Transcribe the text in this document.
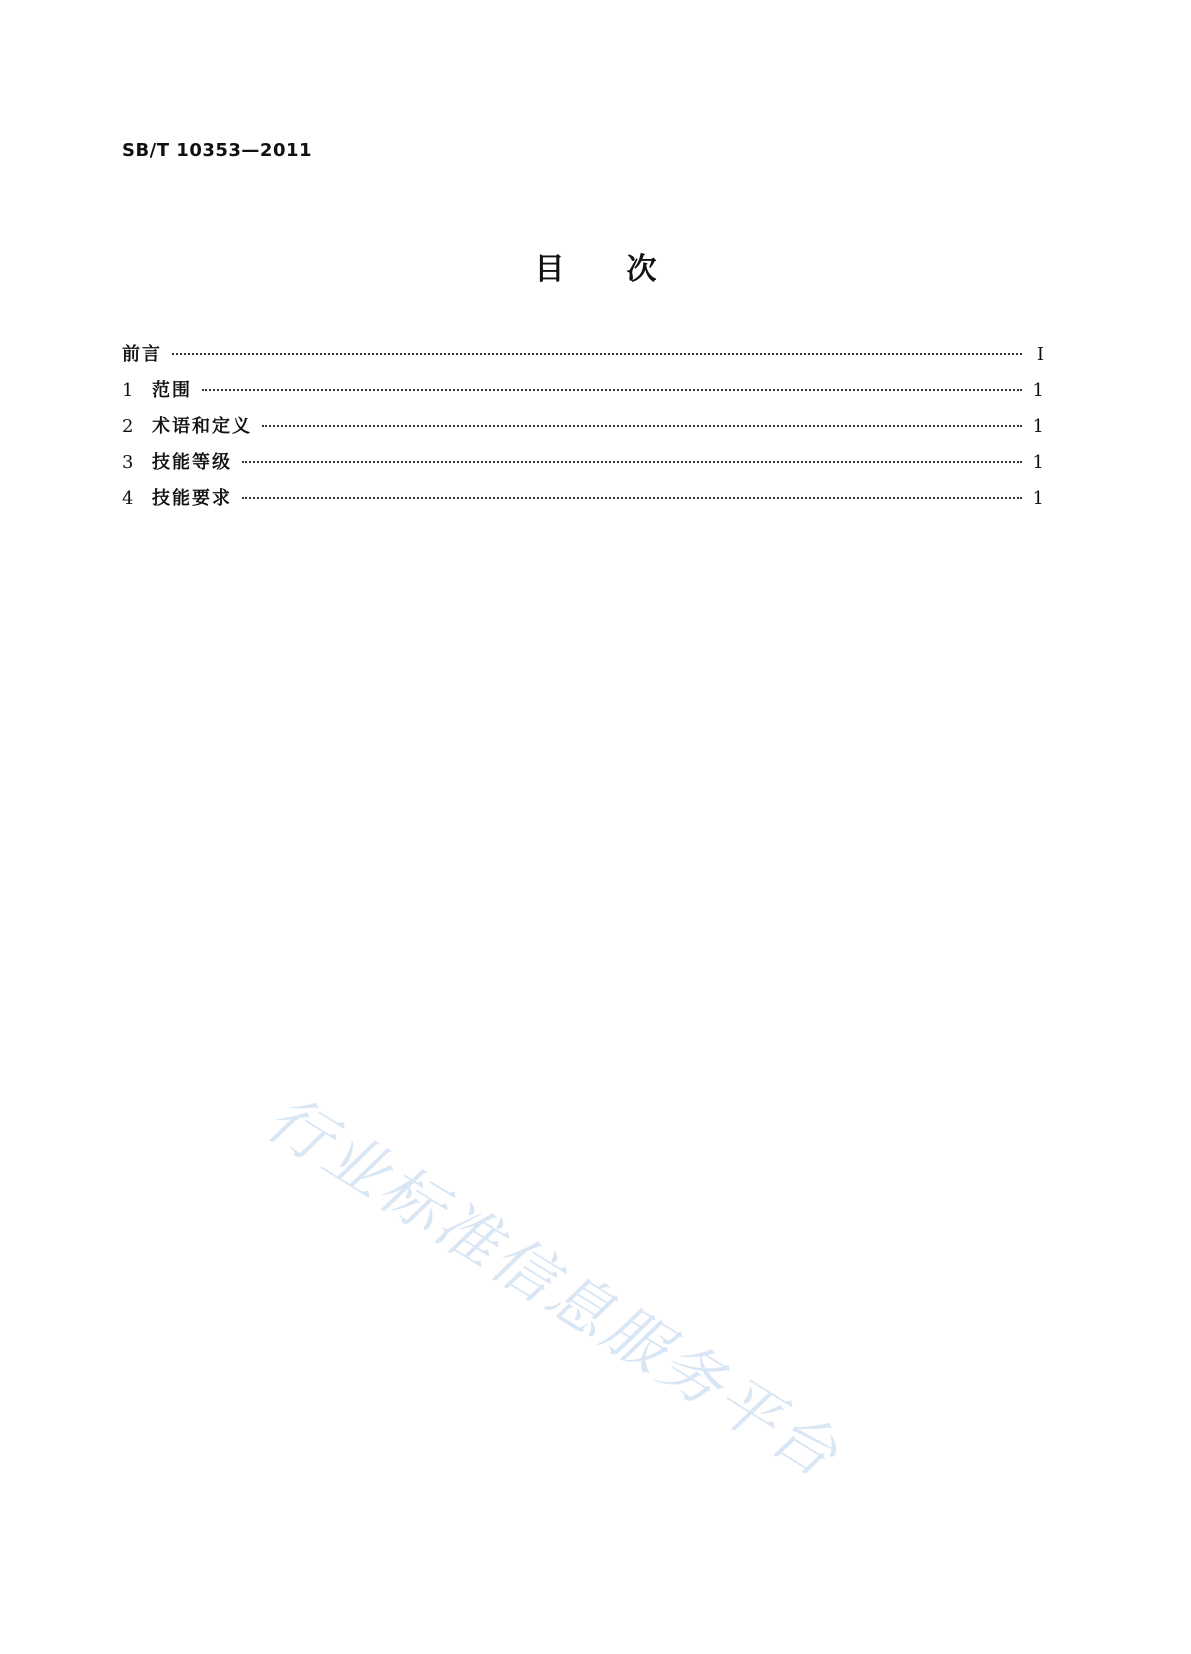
SB/T 10353—2011
目次
前言	Ⅰ
1	范围	1
2	术语和定义	1
3	技能等级	1
4	技能要求	1
行业标准信息服务平台
